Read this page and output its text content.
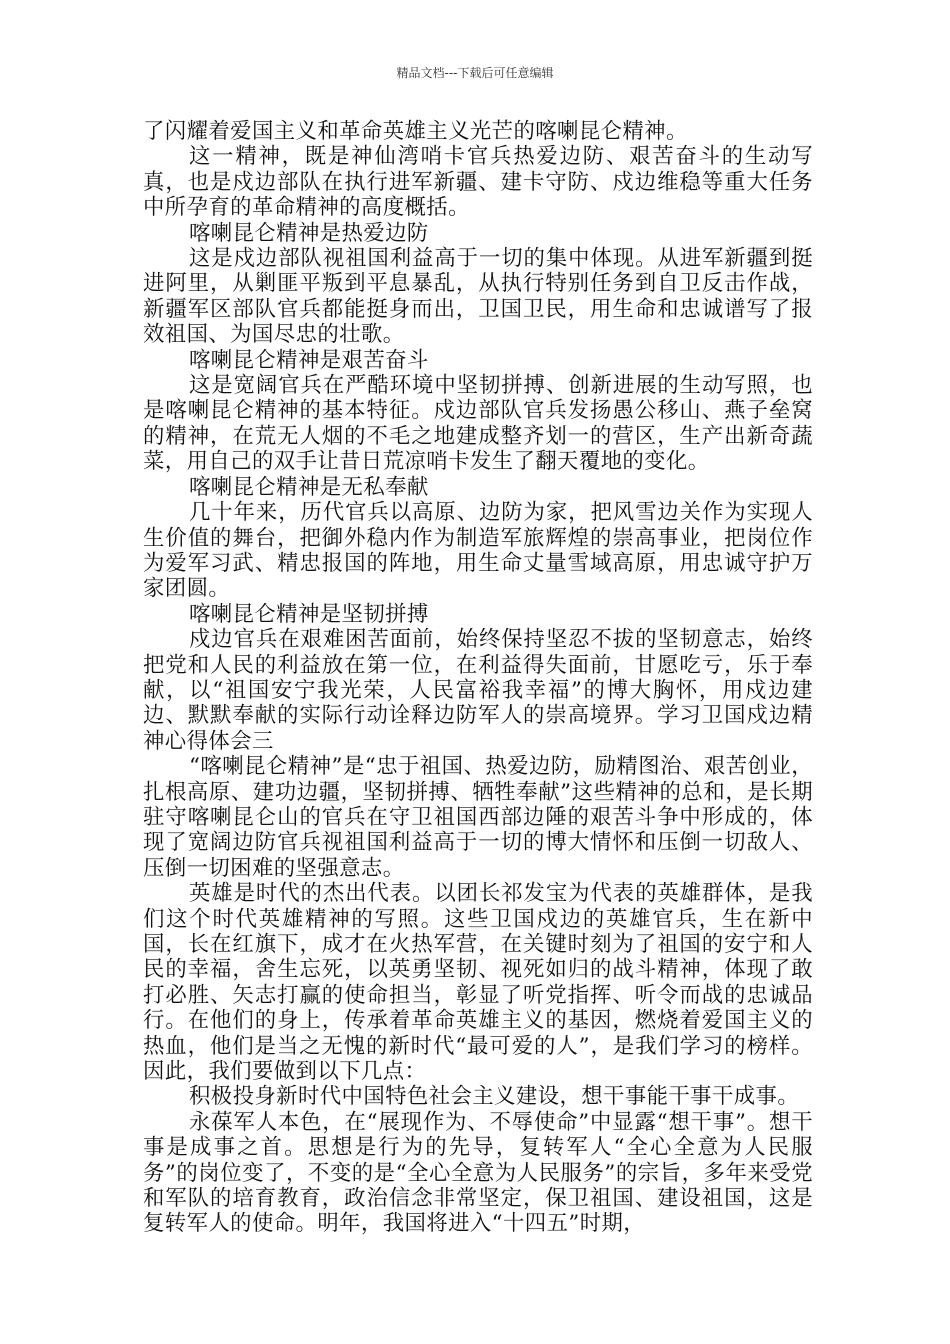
精品文档---下载后可任意编辑

了闪耀着爱国主义和革命英雄主义光芒的喀喇昆仑精神。

这一精神，既是神仙湾哨卡官兵热爱边防、艰苦奋斗的生动写真，也是戍边部队在执行进军新疆、建卡守防、戍边维稳等重大任务中所孕育的革命精神的高度概括。

喀喇昆仑精神是热爱边防

这是戍边部队视祖国利益高于一切的集中体现。从进军新疆到挺进阿里，从剿匪平叛到平息暴乱，从执行特别任务到自卫反击作战，新疆军区部队官兵都能挺身而出，卫国卫民，用生命和忠诚谱写了报效祖国、为国尽忠的壮歌。

喀喇昆仑精神是艰苦奋斗

这是宽阔官兵在严酷环境中坚韧拼搏、创新进展的生动写照，也是喀喇昆仑精神的基本特征。戍边部队官兵发扬愚公移山、燕子垒窝的精神，在荒无人烟的不毛之地建成整齐划一的营区，生产出新奇蔬菜，用自己的双手让昔日荒凉哨卡发生了翻天覆地的变化。

喀喇昆仑精神是无私奉献

几十年来，历代官兵以高原、边防为家，把风雪边关作为实现人生价值的舞台，把御外稳内作为制造军旅辉煌的崇高事业，把岗位作为爱军习武、精忠报国的阵地，用生命丈量雪域高原，用忠诚守护万家团圆。

喀喇昆仑精神是坚韧拼搏

戍边官兵在艰难困苦面前，始终保持坚忍不拔的坚韧意志，始终把党和人民的利益放在第一位，在利益得失面前，甘愿吃亏，乐于奉献，以“祖国安宁我光荣，人民富裕我幸福”的博大胸怀，用戍边建边、默默奉献的实际行动诠释边防军人的崇高境界。学习卫国戍边精神心得体会三

“喀喇昆仑精神”是“忠于祖国、热爱边防，励精图治、艰苦创业，扎根高原、建功边疆，坚韧拼搏、牺牲奉献”这些精神的总和，是长期驻守喀喇昆仑山的官兵在守卫祖国西部边陲的艰苦斗争中形成的，体现了宽阔边防官兵视祖国利益高于一切的博大情怀和压倒一切敌人、压倒一切困难的坚强意志。

英雄是时代的杰出代表。以团长祁发宝为代表的英雄群体，是我们这个时代英雄精神的写照。这些卫国戍边的英雄官兵，生在新中国，长在红旗下，成才在火热军营，在关键时刻为了祖国的安宁和人民的幸福，舍生忘死，以英勇坚韧、视死如归的战斗精神，体现了敢打必胜、矢志打赢的使命担当，彰显了听党指挥、听令而战的忠诚品行。在他们的身上，传承着革命英雄主义的基因，燃烧着爱国主义的热血，他们是当之无愧的新时代“最可爱的人”，是我们学习的榜样。因此，我们要做到以下几点：

积极投身新时代中国特色社会主义建设，想干事能干事干成事。

永葆军人本色，在“展现作为、不辱使命”中显露“想干事”。想干事是成事之首。思想是行为的先导，复转军人“全心全意为人民服务”的岗位变了，不变的是“全心全意为人民服务”的宗旨，多年来受党和军队的培育教育，政治信念非常坚定，保卫祖国、建设祖国，这是复转军人的使命。明年，我国将进入“十四五”时期，
